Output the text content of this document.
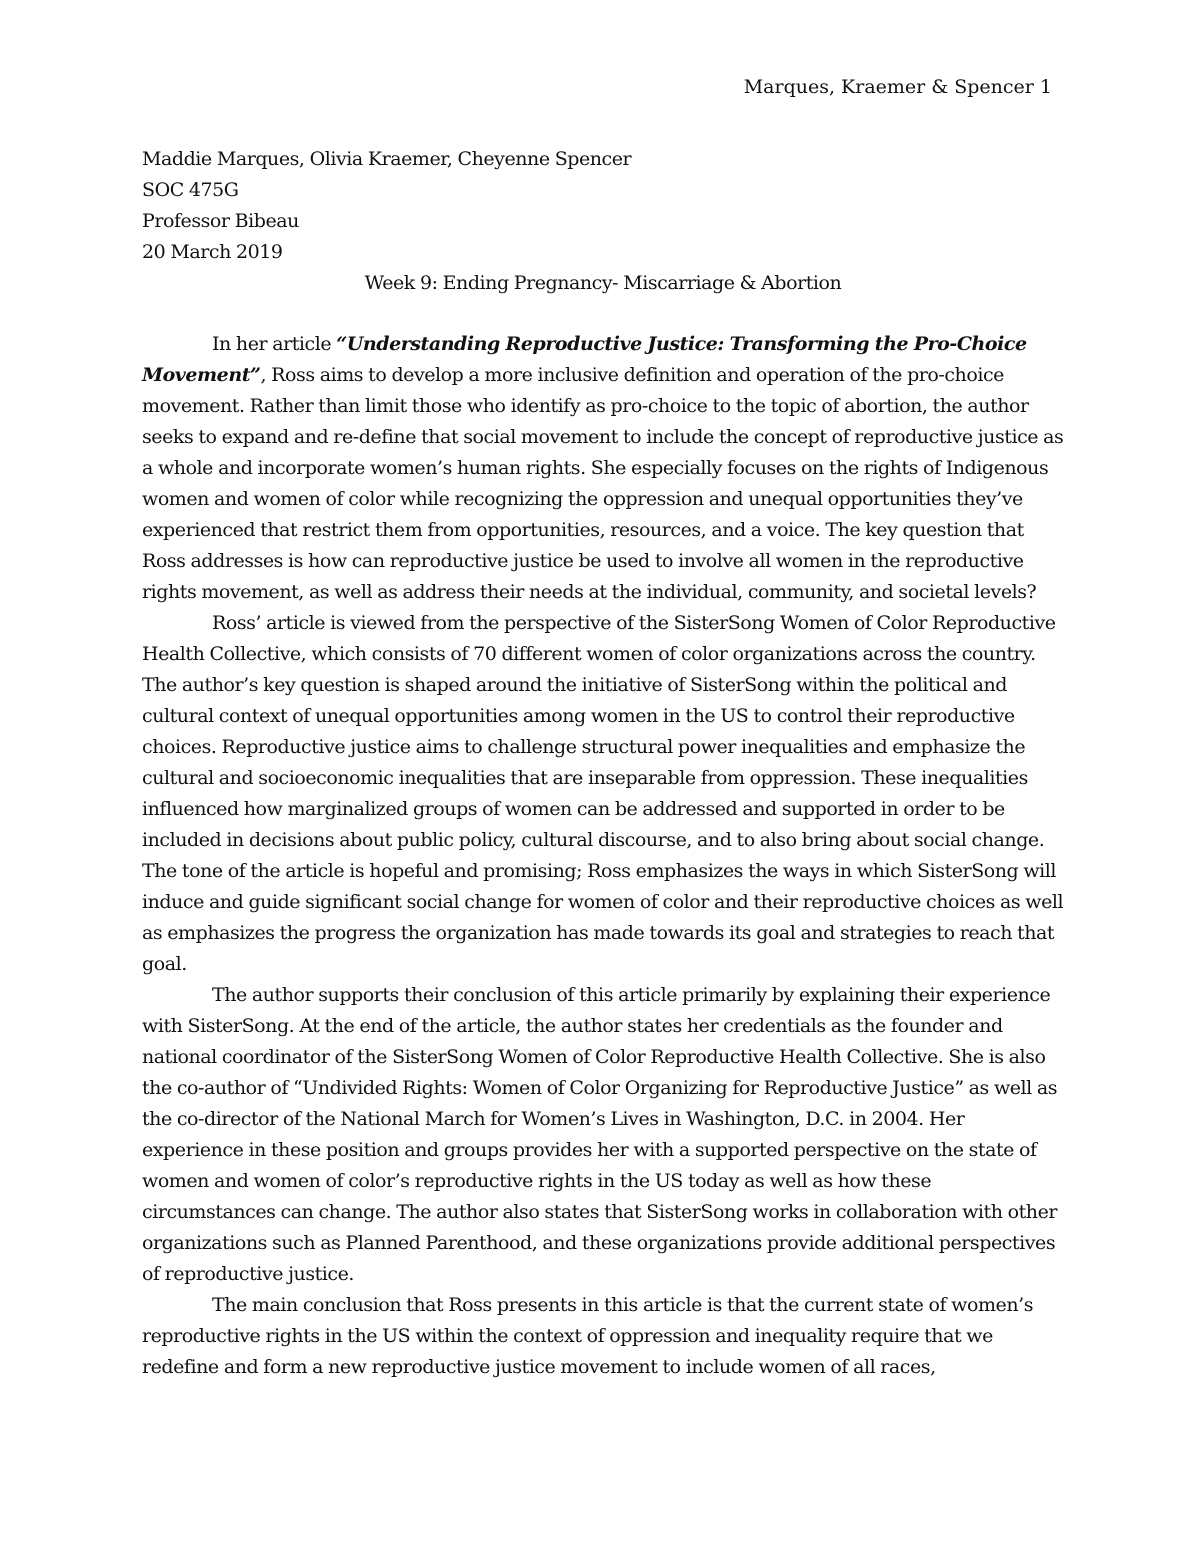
Marques, Kraemer & Spencer 1

Maddie Marques, Olivia Kraemer, Cheyenne Spencer

SOC 475G

Professor Bibeau

20 March 2019

Week 9: Ending Pregnancy- Miscarriage & Abortion

In her article “Understanding Reproductive Justice: Transforming the Pro-Choice Movement”, Ross aims to develop a more inclusive definition and operation of the pro-choice movement. Rather than limit those who identify as pro-choice to the topic of abortion, the author seeks to expand and re-define that social movement to include the concept of reproductive justice as a whole and incorporate women’s human rights. She especially focuses on the rights of Indigenous women and women of color while recognizing the oppression and unequal opportunities they’ve experienced that restrict them from opportunities, resources, and a voice. The key question that Ross addresses is how can reproductive justice be used to involve all women in the reproductive rights movement, as well as address their needs at the individual, community, and societal levels?

Ross’ article is viewed from the perspective of the SisterSong Women of Color Reproductive Health Collective, which consists of 70 different women of color organizations across the country. The author’s key question is shaped around the initiative of SisterSong within the political and cultural context of unequal opportunities among women in the US to control their reproductive choices. Reproductive justice aims to challenge structural power inequalities and emphasize the cultural and socioeconomic inequalities that are inseparable from oppression. These inequalities influenced how marginalized groups of women can be addressed and supported in order to be included in decisions about public policy, cultural discourse, and to also bring about social change. The tone of the article is hopeful and promising; Ross emphasizes the ways in which SisterSong will induce and guide significant social change for women of color and their reproductive choices as well as emphasizes the progress the organization has made towards its goal and strategies to reach that goal.

The author supports their conclusion of this article primarily by explaining their experience with SisterSong. At the end of the article, the author states her credentials as the founder and national coordinator of the SisterSong Women of Color Reproductive Health Collective. She is also the co-author of “Undivided Rights: Women of Color Organizing for Reproductive Justice” as well as the co-director of the National March for Women’s Lives in Washington, D.C. in 2004. Her experience in these position and groups provides her with a supported perspective on the state of women and women of color’s reproductive rights in the US today as well as how these circumstances can change. The author also states that SisterSong works in collaboration with other organizations such as Planned Parenthood, and these organizations provide additional perspectives of reproductive justice.

The main conclusion that Ross presents in this article is that the current state of women’s reproductive rights in the US within the context of oppression and inequality require that we redefine and form a new reproductive justice movement to include women of all races,
